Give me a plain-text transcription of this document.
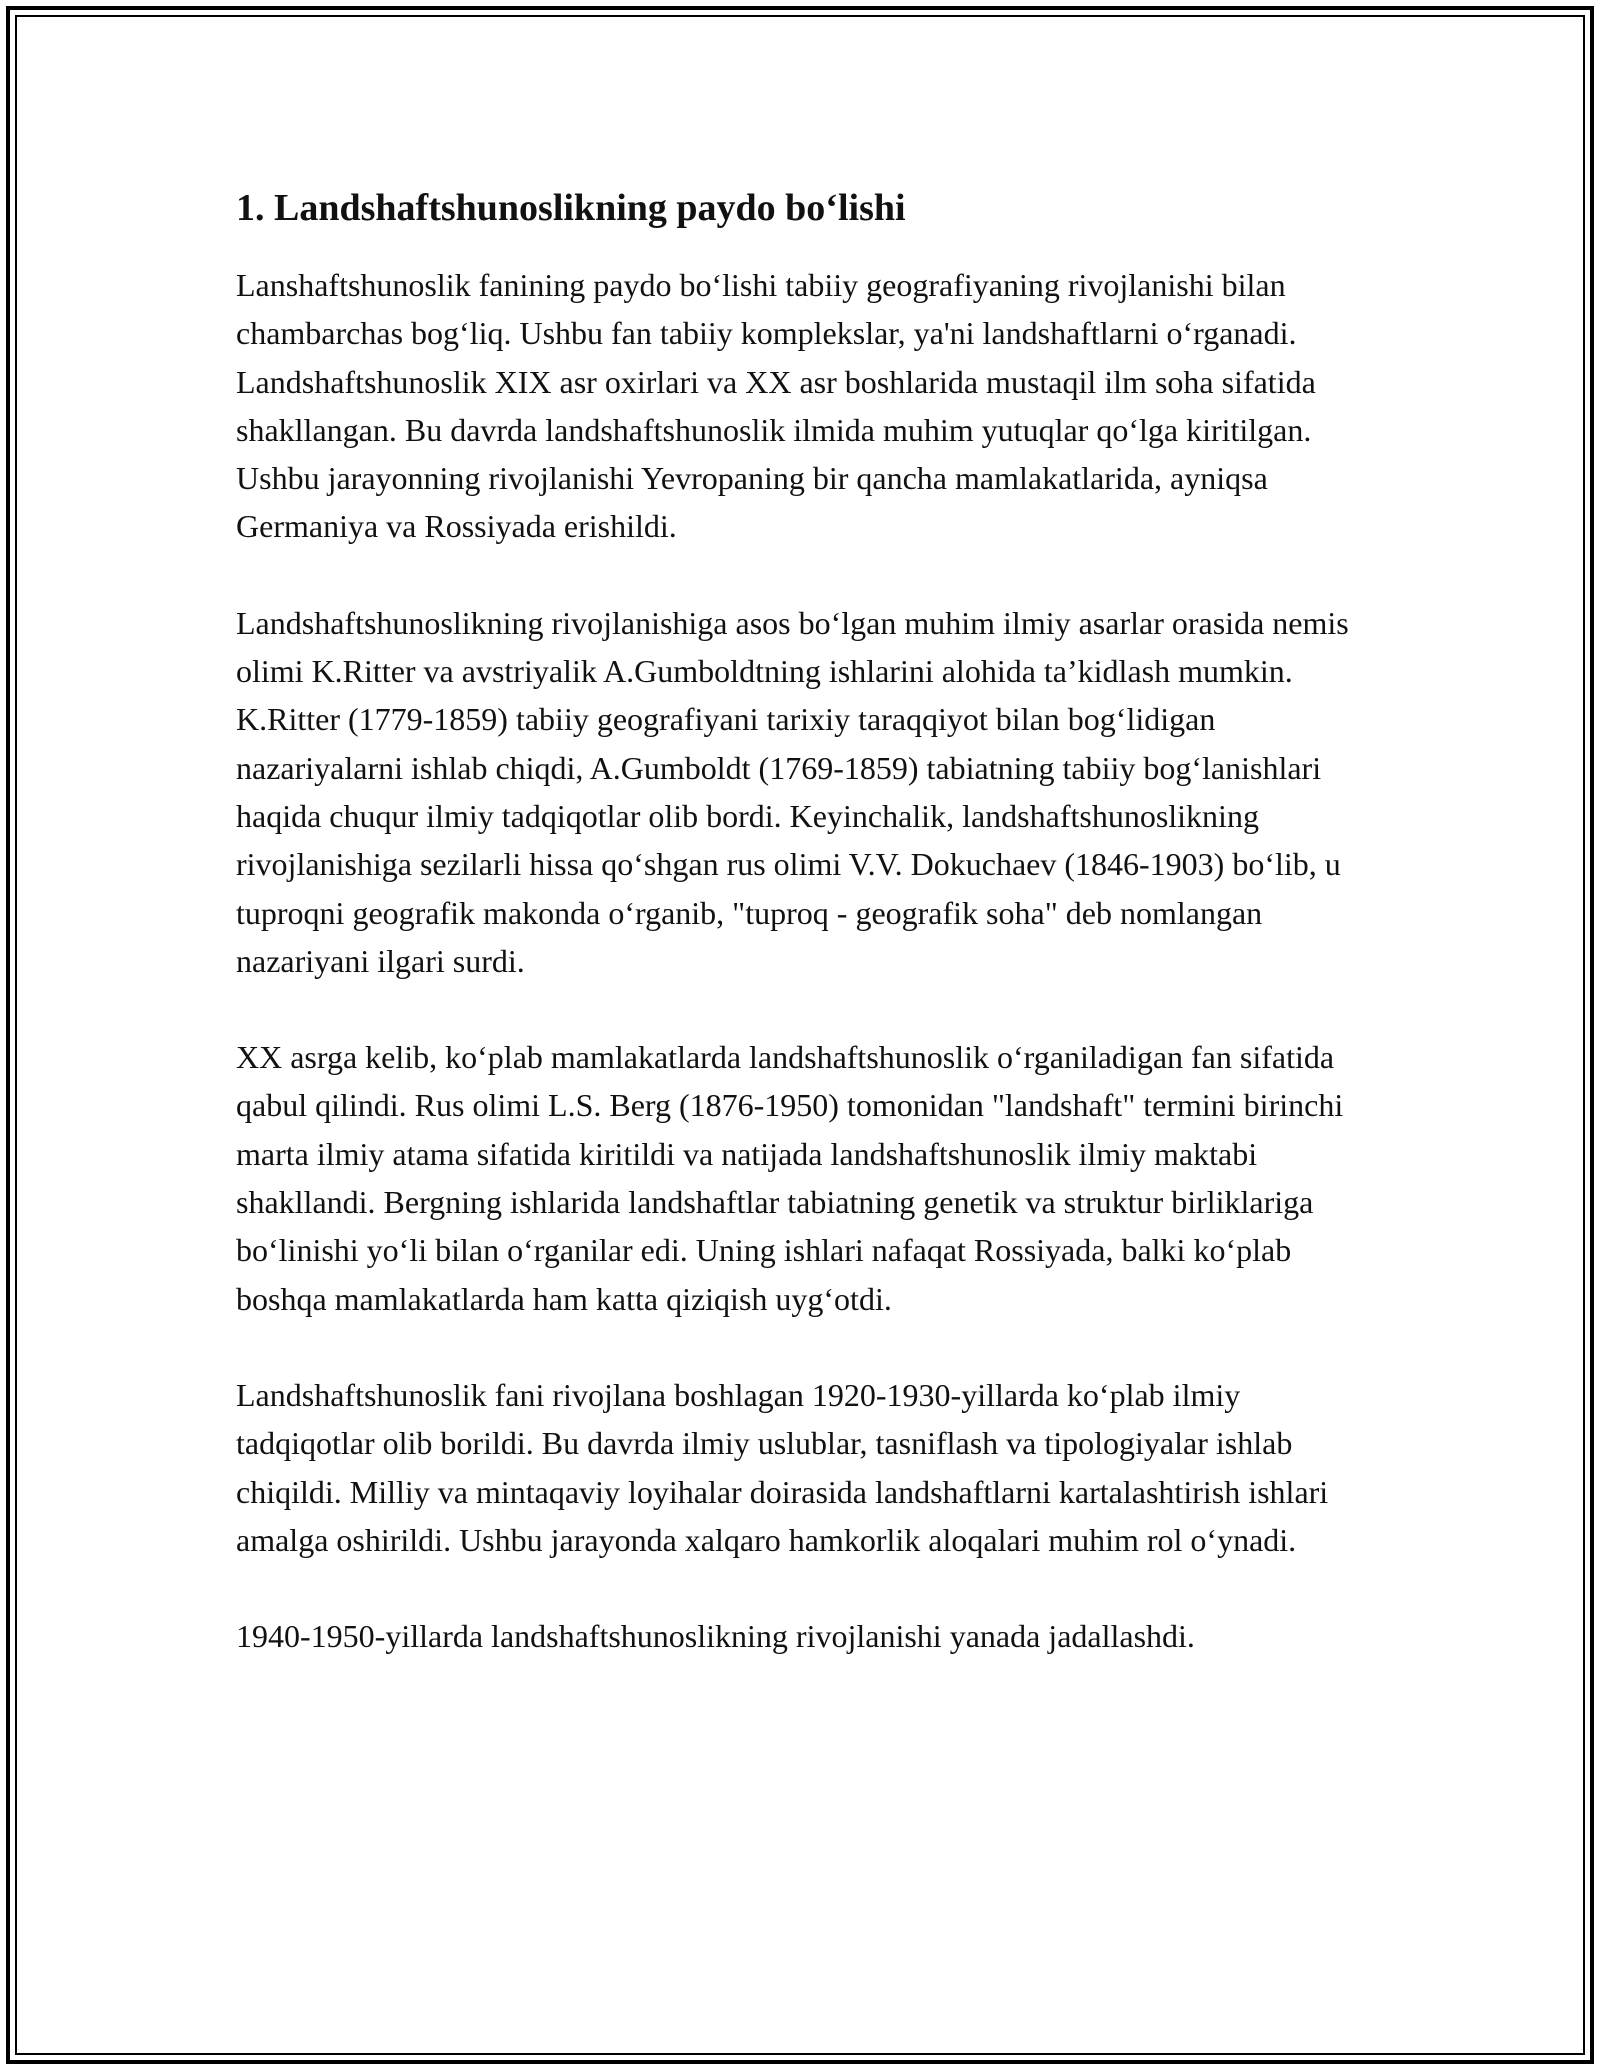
1. Landshaftshunoslikning paydo bo‘lishi

Lanshaftshunoslik fanining paydo bo‘lishi tabiiy geografiyaning rivojlanishi bilan chambarchas bog‘liq. Ushbu fan tabiiy komplekslar, ya'ni landshaftlarni o‘rganadi. Landshaftshunoslik XIX asr oxirlari va XX asr boshlarida mustaqil ilm soha sifatida shakllangan. Bu davrda landshaftshunoslik ilmida muhim yutuqlar qo‘lga kiritilgan. Ushbu jarayonning rivojlanishi Yevropaning bir qancha mamlakatlarida, ayniqsa Germaniya va Rossiyada erishildi.

Landshaftshunoslikning rivojlanishiga asos bo‘lgan muhim ilmiy asarlar orasida nemis olimi K.Ritter va avstriyalik A.Gumboldtning ishlarini alohida ta’kidlash mumkin. K.Ritter (1779-1859) tabiiy geografiyani tarixiy taraqqiyot bilan bog‘lidigan nazariyalarni ishlab chiqdi, A.Gumboldt (1769-1859) tabiatning tabiiy bog‘lanishlari haqida chuqur ilmiy tadqiqotlar olib bordi. Keyinchalik, landshaftshunoslikning rivojlanishiga sezilarli hissa qo‘shgan rus olimi V.V. Dokuchaev (1846-1903) bo‘lib, u tuproqni geografik makonda o‘rganib, "tuproq - geografik soha" deb nomlangan nazariyani ilgari surdi.

XX asrga kelib, ko‘plab mamlakatlarda landshaftshunoslik o‘rganiladigan fan sifatida qabul qilindi. Rus olimi L.S. Berg (1876-1950) tomonidan "landshaft" termini birinchi marta ilmiy atama sifatida kiritildi va natijada landshaftshunoslik ilmiy maktabi shakllandi. Bergning ishlarida landshaftlar tabiatning genetik va struktur birliklariga bo‘linishi yo‘li bilan o‘rganilar edi. Uning ishlari nafaqat Rossiyada, balki ko‘plab boshqa mamlakatlarda ham katta qiziqish uyg‘otdi.

Landshaftshunoslik fani rivojlana boshlagan 1920-1930-yillarda ko‘plab ilmiy tadqiqotlar olib borildi. Bu davrda ilmiy uslublar, tasniflash va tipologiyalar ishlab chiqildi. Milliy va mintaqaviy loyihalar doirasida landshaftlarni kartalashtirish ishlari amalga oshirildi. Ushbu jarayonda xalqaro hamkorlik aloqalari muhim rol o‘ynadi.

1940-1950-yillarda landshaftshunoslikning rivojlanishi yanada jadallashdi.
